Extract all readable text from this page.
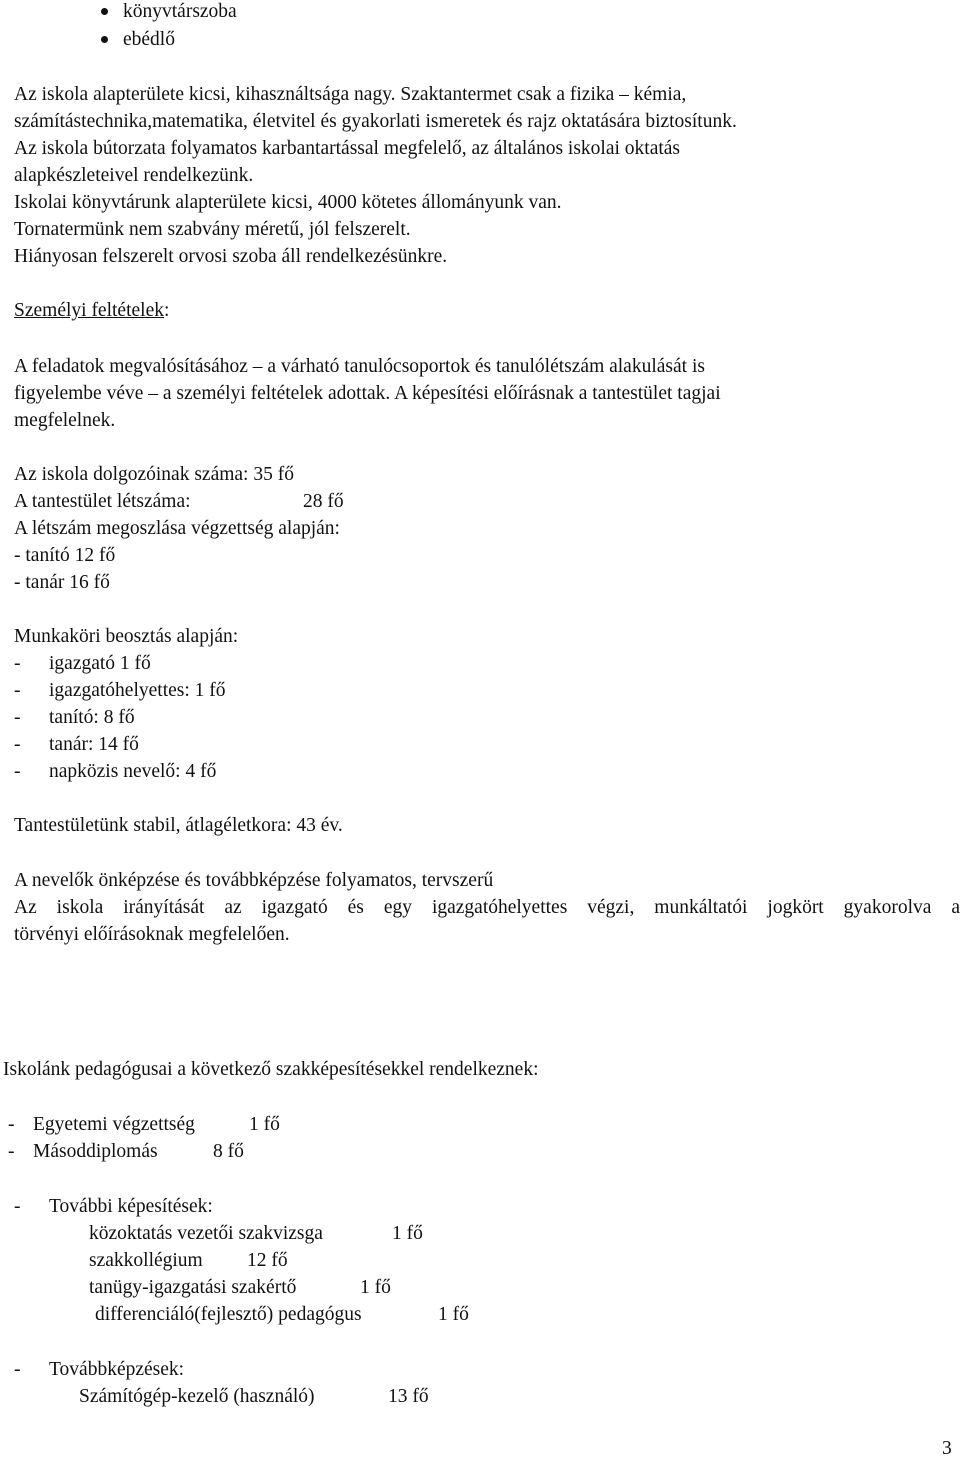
könyvtárszoba
ebédlő
Az iskola alapterülete kicsi, kihasználtsága nagy. Szaktantermet csak a fizika – kémia,
számítástechnika,matematika, életvitel és gyakorlati ismeretek és rajz oktatására biztosítunk.
Az iskola bútorzata folyamatos karbantartással megfelelő, az általános iskolai oktatás
alapkészleteivel rendelkezünk.
Iskolai könyvtárunk alapterülete kicsi, 4000 kötetes állományunk van.
Tornatermünk nem szabvány méretű, jól felszerelt.
Hiányosan felszerelt orvosi szoba áll rendelkezésünkre.
Személyi feltételek:
A feladatok megvalósításához – a várható tanulócsoportok és tanulólétszám alakulását is
figyelembe véve – a személyi feltételek adottak. A képesítési előírásnak a tantestület tagjai
megfelelnek.
Az iskola dolgozóinak száma: 35 fő
A tantestület létszáma:	28 fő
A létszám megoszlása végzettség alapján:
- tanító 12 fő
- tanár 16 fő
Munkaköri beosztás alapján:
- igazgató 1 fő
- igazgatóhelyettes: 1 fő
- tanító: 8 fő
- tanár: 14 fő
- napközis nevelő: 4 fő
Tantestületünk stabil, átlagéletkora: 43 év.
A nevelők önképzése és továbbképzése folyamatos, tervszerű
Az iskola irányítását az igazgató és egy igazgatóhelyettes végzi, munkáltatói jogkört gyakorolva a
törvényi előírásoknak megfelelően.
Iskolánk pedagógusai a következő szakképesítésekkel rendelkeznek:
- Egyetemi végzettség	1 fő
- Másoddiplomás	8 fő
- További képesítések:
közoktatás vezetői szakvizsga	1 fő
szakkollégium 12 fő
tanügy-igazgatási szakértő	1 fő
differenciáló(fejlesztő) pedagógus	1 fő
- Továbbképzések:
Számítógép-kezelő (használó)	13 fő
3
